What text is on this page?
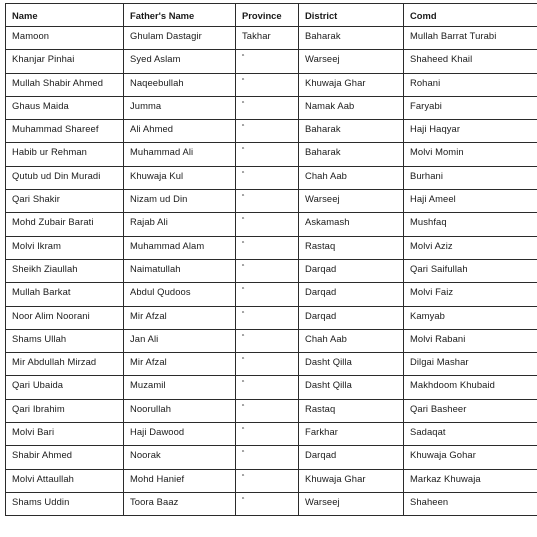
Name	Father's Name	Province	District	Comd
Mamoon	Ghulam Dastagir	Takhar	Baharak	Mullah Barrat Turabi
Khanjar Pinhai	Syed Aslam	“	Warseej	Shaheed Khail
Mullah Shabir Ahmed	Naqeebullah	“	Khuwaja Ghar	Rohani
Ghaus Maida	Jumma	“	Namak Aab	Faryabi
Muhammad Shareef	Ali Ahmed	“	Baharak	Haji Haqyar
Habib ur Rehman	Muhammad Ali	“	Baharak	Molvi Momin
Qutub ud Din Muradi	Khuwaja Kul	“	Chah Aab	Burhani
Qari Shakir	Nizam ud Din	“	Warseej	Haji Ameel
Mohd Zubair Barati	Rajab Ali	“	Askamash	Mushfaq
Molvi Ikram	Muhammad Alam	“	Rastaq	Molvi Aziz
Sheikh Ziaullah	Naimatullah	“	Darqad	Qari Saifullah
Mullah Barkat	Abdul Qudoos	“	Darqad	Molvi Faiz
Noor Alim Noorani	Mir Afzal	“	Darqad	Kamyab
Shams Ullah	Jan Ali	“	Chah Aab	Molvi Rabani
Mir Abdullah Mirzad	Mir Afzal	“	Dasht Qilla	Dilgai Mashar
Qari Ubaida	Muzamil	“	Dasht Qilla	Makhdoom Khubaid
Qari Ibrahim	Noorullah	“	Rastaq	Qari Basheer
Molvi Bari	Haji Dawood	“	Farkhar	Sadaqat
Shabir Ahmed	Noorak	“	Darqad	Khuwaja Gohar
Molvi Attaullah	Mohd Hanief	“	Khuwaja Ghar	Markaz Khuwaja
Shams Uddin	Toora Baaz	“	Warseej	Shaheen
